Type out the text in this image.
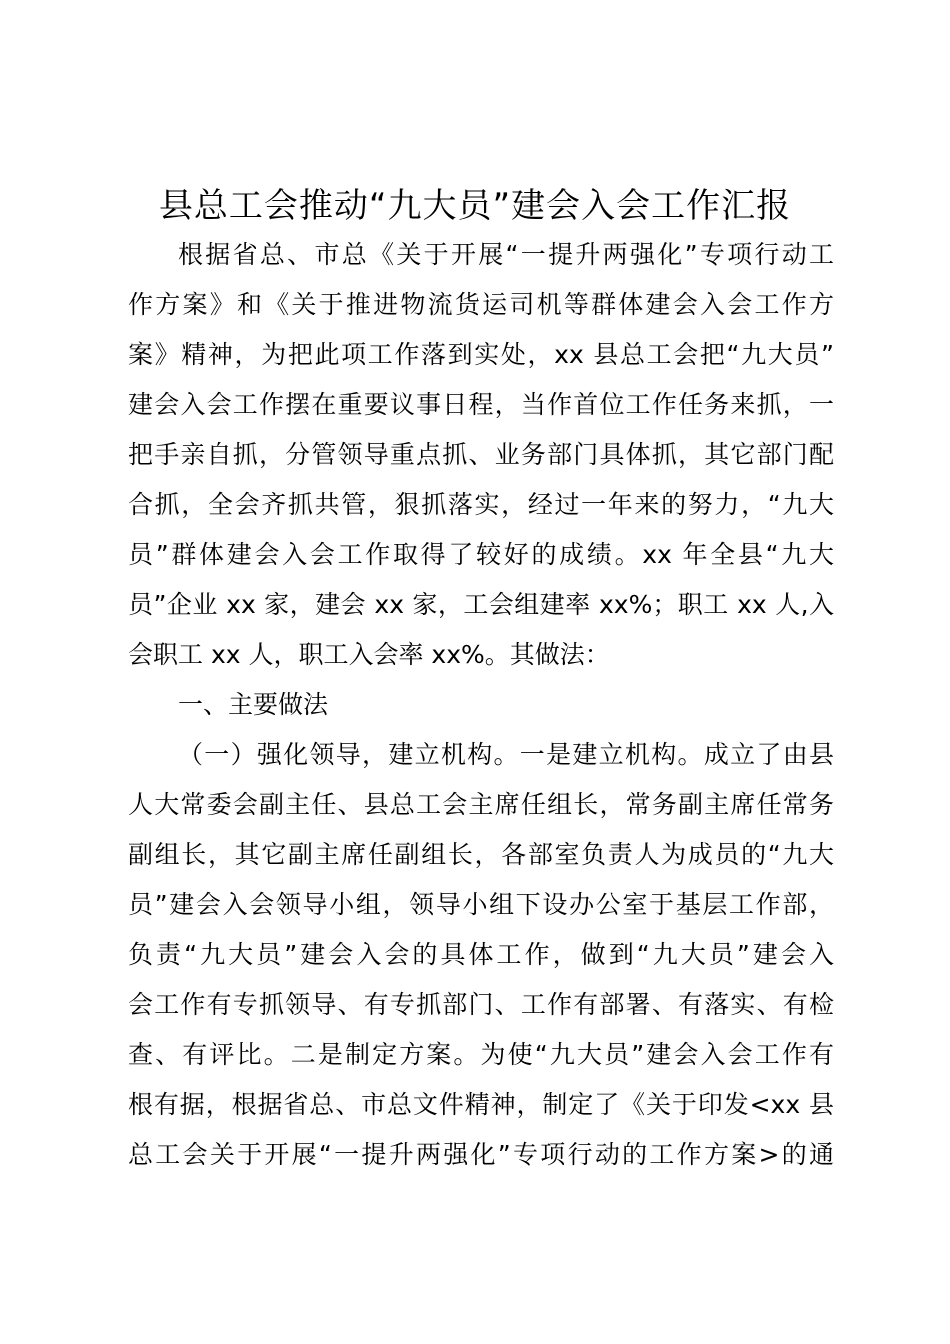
县总工会推动“九大员”建会入会工作汇报
根据省总、市总《关于开展“一提升两强化”专项行动工
作方案》和《关于推进物流货运司机等群体建会入会工作方
案》精神，为把此项工作落到实处，xx 县总工会把“九大员”
建会入会工作摆在重要议事日程，当作首位工作任务来抓，一
把手亲自抓，分管领导重点抓、业务部门具体抓，其它部门配
合抓，全会齐抓共管，狠抓落实，经过一年来的努力，“九大
员”群体建会入会工作取得了较好的成绩。xx 年全县“九大
员”企业 xx 家，建会 xx 家，工会组建率 xx%；职工 xx 人,入
会职工 xx 人，职工入会率 xx%。其做法：
一、主要做法
（一）强化领导，建立机构。一是建立机构。成立了由县
人大常委会副主任、县总工会主席任组长，常务副主席任常务
副组长，其它副主席任副组长，各部室负责人为成员的“九大
员”建会入会领导小组，领导小组下设办公室于基层工作部，
负责“九大员”建会入会的具体工作，做到“九大员”建会入
会工作有专抓领导、有专抓部门、工作有部署、有落实、有检
查、有评比。二是制定方案。为使“九大员”建会入会工作有
根有据，根据省总、市总文件精神，制定了《关于印发<xx 县
总工会关于开展“一提升两强化”专项行动的工作方案>的通
